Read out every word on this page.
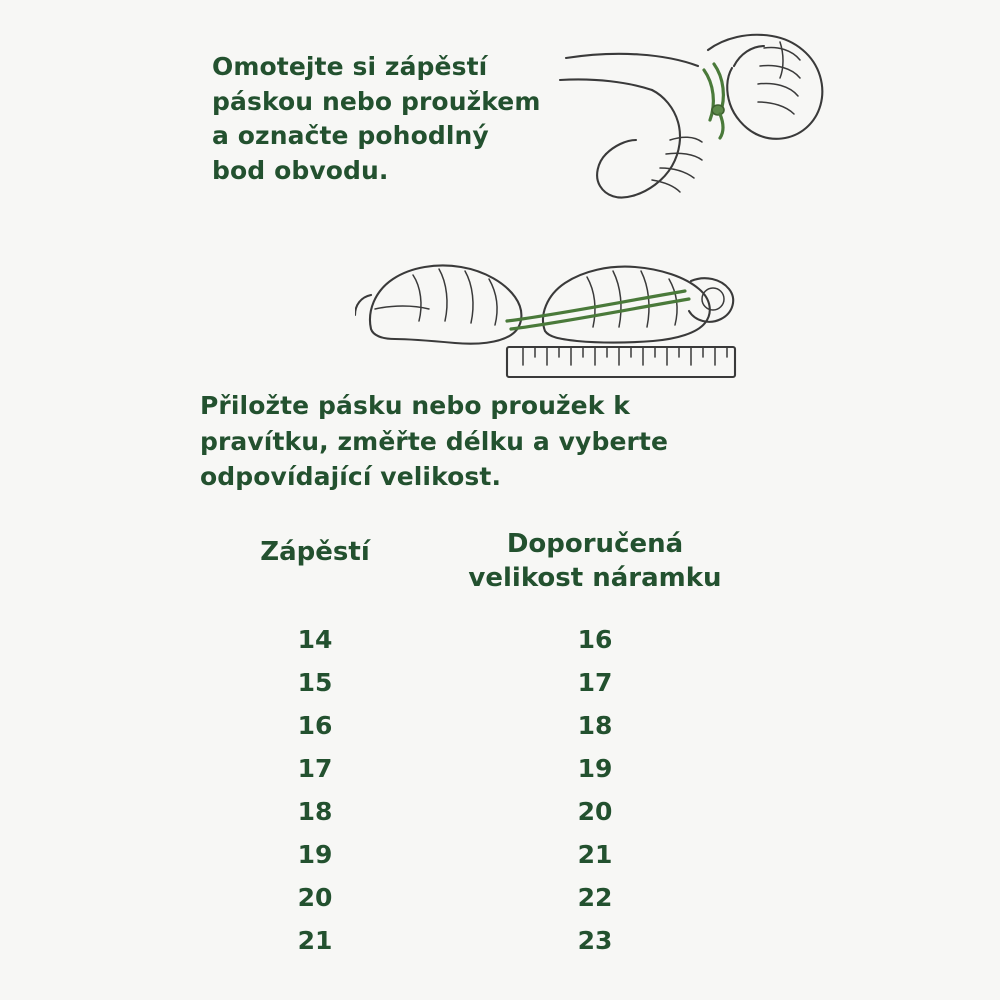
Omotejte si zápěstí
páskou nebo proužkem
a označte pohodlný
bod obvodu.
Přiložte pásku nebo proužek k
pravítku, změřte délku a vyberte
odpovídající velikost.
Zápěstí	Doporučená
velikost náramku
14	16
15	17
16	18
17	19
18	20
19	21
20	22
21	23
